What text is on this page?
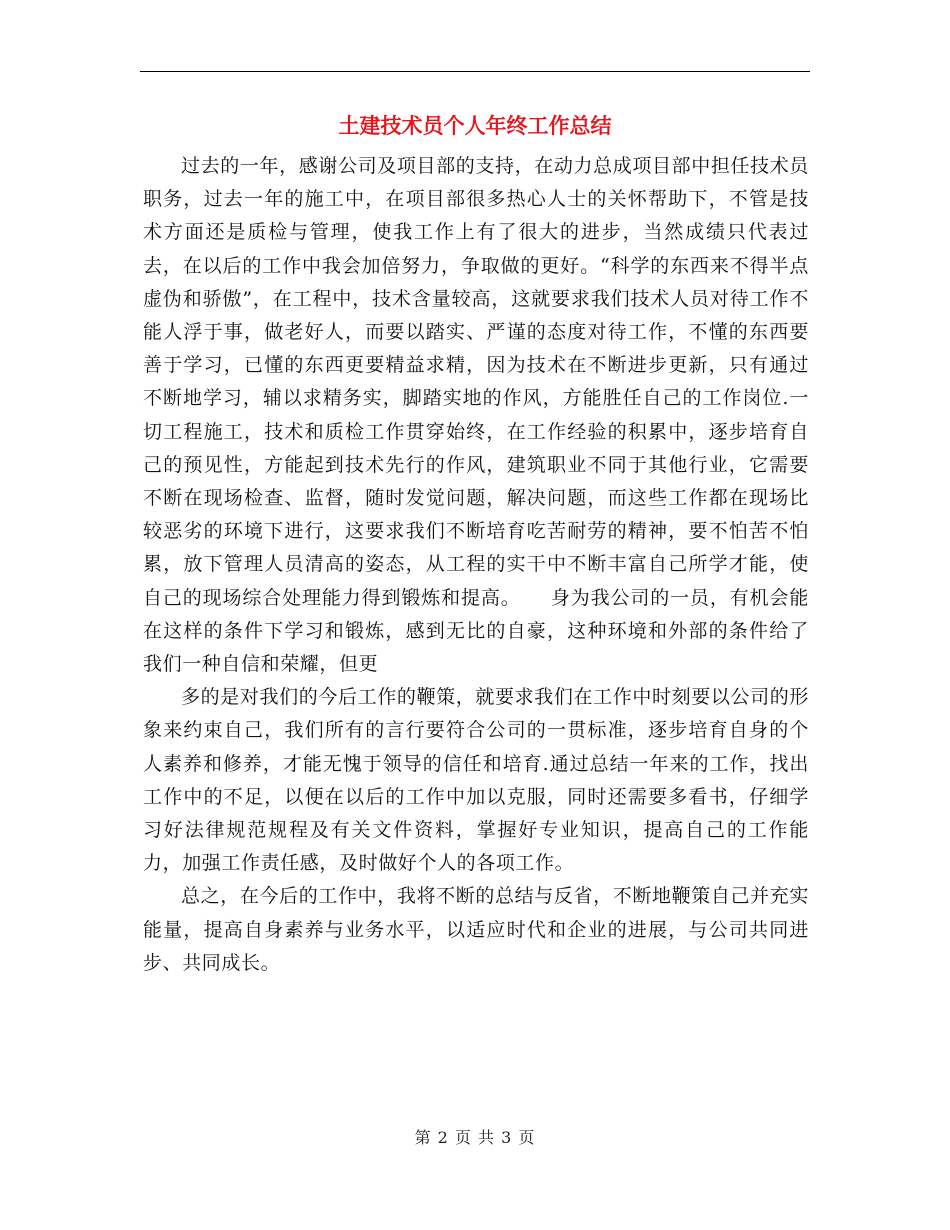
土建技术员个人年终工作总结

过去的一年，感谢公司及项目部的支持，在动力总成项目部中担任技术员职务，过去一年的施工中，在项目部很多热心人士的关怀帮助下，不管是技术方面还是质检与管理，使我工作上有了很大的进步，当然成绩只代表过去，在以后的工作中我会加倍努力，争取做的更好。“科学的东西来不得半点虚伪和骄傲”，在工程中，技术含量较高，这就要求我们技术人员对待工作不能人浮于事，做老好人，而要以踏实、严谨的态度对待工作，不懂的东西要善于学习，已懂的东西更要精益求精，因为技术在不断进步更新，只有通过不断地学习，辅以求精务实，脚踏实地的作风，方能胜任自己的工作岗位.一切工程施工，技术和质检工作贯穿始终，在工作经验的积累中，逐步培育自己的预见性，方能起到技术先行的作风，建筑职业不同于其他行业，它需要不断在现场检查、监督，随时发觉问题，解决问题，而这些工作都在现场比较恶劣的环境下进行，这要求我们不断培育吃苦耐劳的精神，要不怕苦不怕累，放下管理人员清高的姿态，从工程的实干中不断丰富自己所学才能，使自己的现场综合处理能力得到锻炼和提高。　　身为我公司的一员，有机会能在这样的条件下学习和锻炼，感到无比的自豪，这种环境和外部的条件给了我们一种自信和荣耀，但更

多的是对我们的今后工作的鞭策，就要求我们在工作中时刻要以公司的形象来约束自己，我们所有的言行要符合公司的一贯标准，逐步培育自身的个人素养和修养，才能无愧于领导的信任和培育.通过总结一年来的工作，找出工作中的不足，以便在以后的工作中加以克服，同时还需要多看书，仔细学习好法律规范规程及有关文件资料，掌握好专业知识，提高自己的工作能力，加强工作责任感，及时做好个人的各项工作。

总之，在今后的工作中，我将不断的总结与反省，不断地鞭策自己并充实能量，提高自身素养与业务水平，以适应时代和企业的进展，与公司共同进步、共同成长。

第 2 页 共 3 页
